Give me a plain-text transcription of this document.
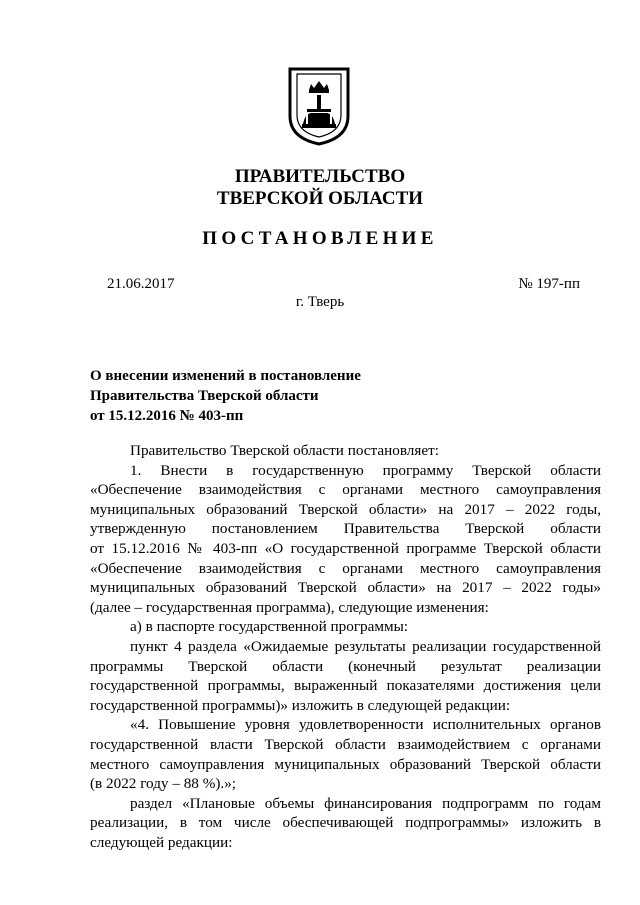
ПРАВИТЕЛЬСТВО
ТВЕРСКОЙ ОБЛАСТИ
ПОСТАНОВЛЕНИЕ
21.06.2017	№ 197-пп
г. Тверь
О внесении изменений в постановление
Правительства Тверской области
от 15.12.2016 № 403-пп

Правительство Тверской области постановляет:

1.    Внести    в    государственную    программу    Тверской    области

«Обеспечение взаимодействия с органами местного самоуправления

муниципальных образований Тверской области» на 2017 – 2022 годы,

утвержденную постановлением Правительства Тверской области

от 15.12.2016 № 403-пп «О государственной программе Тверской области

«Обеспечение взаимодействия с органами местного самоуправления

муниципальных образований Тверской области» на 2017 – 2022 годы»

(далее – государственная программа), следующие изменения:

а) в паспорте государственной программы:

пункт 4 раздела «Ожидаемые результаты реализации государственной

программы Тверской области (конечный результат реализации

государственной программы, выраженный показателями достижения цели

государственной программы)» изложить в следующей редакции:

«4. Повышение уровня удовлетворенности исполнительных органов

государственной власти Тверской области взаимодействием с органами

местного самоуправления муниципальных образований Тверской области

(в 2022 году – 88 %).»;

раздел «Плановые объемы финансирования подпрограмм по годам

реализации, в том числе обеспечивающей подпрограммы» изложить в

следующей редакции:
